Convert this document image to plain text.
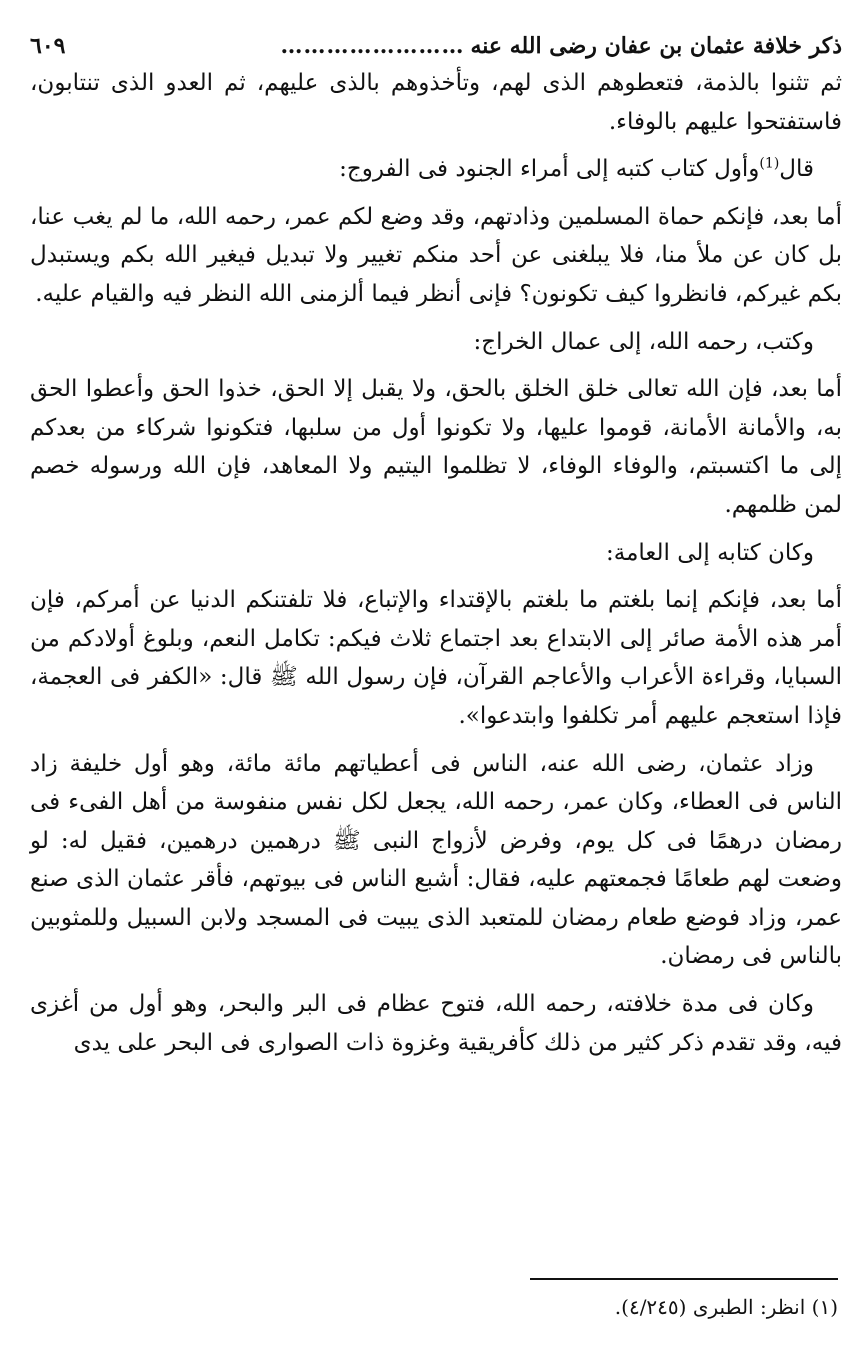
ذكر خلافة عثمان بن عفان رضى الله عنه
……………………
٦٠٩

ثم تثنوا بالذمة، فتعطوهم الذى لهم، وتأخذوهم بالذى عليهم، ثم العدو الذى تنتابون، فاستفتحوا عليهم بالوفاء.

قال$^{(1)}$وأول كتاب كتبه إلى أمراء الجنود فى الفروج:

أما بعد، فإنكم حماة المسلمين وذادتهم، وقد وضع لكم عمر، رحمه الله، ما لم يغب عنا، بل كان عن ملأ منا، فلا يبلغنى عن أحد منكم تغيير ولا تبديل فيغير الله بكم ويستبدل بكم غيركم، فانظروا كيف تكونون؟ فإنى أنظر فيما ألزمنى الله النظر فيه والقيام عليه.

وكتب، رحمه الله، إلى عمال الخراج:

أما بعد، فإن الله تعالى خلق الخلق بالحق، ولا يقبل إلا الحق، خذوا الحق وأعطوا الحق به، والأمانة الأمانة، قوموا عليها، ولا تكونوا أول من سلبها، فتكونوا شركاء من بعدكم إلى ما اكتسبتم، والوفاء الوفاء، لا تظلموا اليتيم ولا المعاهد، فإن الله ورسوله خصم لمن ظلمهم.

وكان كتابه إلى العامة:

أما بعد، فإنكم إنما بلغتم ما بلغتم بالإقتداء والإتباع، فلا تلفتنكم الدنيا عن أمركم، فإن أمر هذه الأمة صائر إلى الابتداع بعد اجتماع ثلاث فيكم: تكامل النعم، وبلوغ أولادكم من السبايا، وقراءة الأعراب والأعاجم القرآن، فإن رسول الله ﷺ قال: «الكفر فى العجمة، فإذا استعجم عليهم أمر تكلفوا وابتدعوا».

وزاد عثمان، رضى الله عنه، الناس فى أعطياتهم مائة مائة، وهو أول خليفة زاد الناس فى العطاء، وكان عمر، رحمه الله، يجعل لكل نفس منفوسة من أهل الفىء فى رمضان درهمًا فى كل يوم، وفرض لأزواج النبى ﷺ درهمين درهمين، فقيل له: لو وضعت لهم طعامًا فجمعتهم عليه، فقال: أشبع الناس فى بيوتهم، فأقر عثمان الذى صنع عمر، وزاد فوضع طعام رمضان للمتعبد الذى يبيت فى المسجد ولابن السبيل وللمثوبين بالناس فى رمضان.

وكان فى مدة خلافته، رحمه الله، فتوح عظام فى البر والبحر، وهو أول من أغزى فيه، وقد تقدم ذكر كثير من ذلك كأفريقية وغزوة ذات الصوارى فى البحر على يدى

(١) انظر: الطبرى (٤/٢٤٥).
